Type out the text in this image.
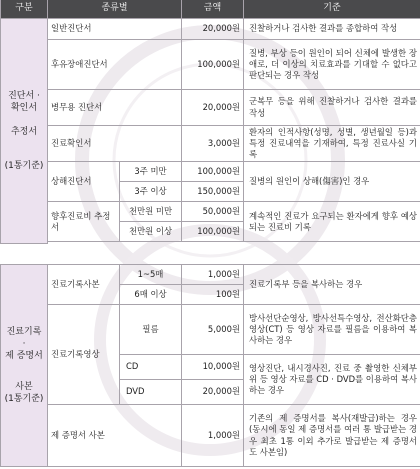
구분	종류별		금액	기준

진단서 ·
확인서
추정서
(1통기준)	일반진단서		20,000원	진찰하거나 검사한 결과를 종합하여 작성
	후유장애진단서		100,000원	질병, 부상 등이 원인이 되어 신체에 발생한 장애로, 더 이상의 치료효과를 기대할 수 없다고 판단되는 경우 작성
	병무용 진단서		20,000원	군복무 등을 위해 진찰하거나 검사한 결과를 작성
	진료확인서		3,000원	환자의 인적사항(성명, 성별, 생년월일 등)과 특정 진료내역을 기재하여, 특정 진료사실 기록
	상해진단서	3주 미만	100,000원	질병의 원인이 상해(傷害)인 경우
		3주 이상	150,000원	
	향후진료비 추정서	천만원 미만	50,000원	계속적인 진료가 요구되는 환자에게 향후 예상되는 진료비 기록
		천만원 이상	100,000원	

진료기록 ·
제 증명서
사본
(1통기준)	진료기록사본	1~5매	1,000원	진료기록부 등을 복사하는 경우
		6매 이상	100원	
	진료기록영상	필름	5,000원	방사선단순영상, 방사선특수영상, 전산화단층영상(CT) 등 영상 자료를 필름을 이용하여 복사하는 경우
		CD	10,000원	영상진단, 내시경사진, 진료 중 촬영한 신체부위 등 영상 자료를 CD · DVD를 이용하여 복사하는 경우
		DVD	20,000원	
	제 증명서 사본		1,000원	기존의 제 증명서를 복사(재발급)하는 경우 (동시에 동일 제 증명서를 여러 통 발급받는 경우 최초 1통 이외 추가로 발급받는 제 증명서도 사본임)
